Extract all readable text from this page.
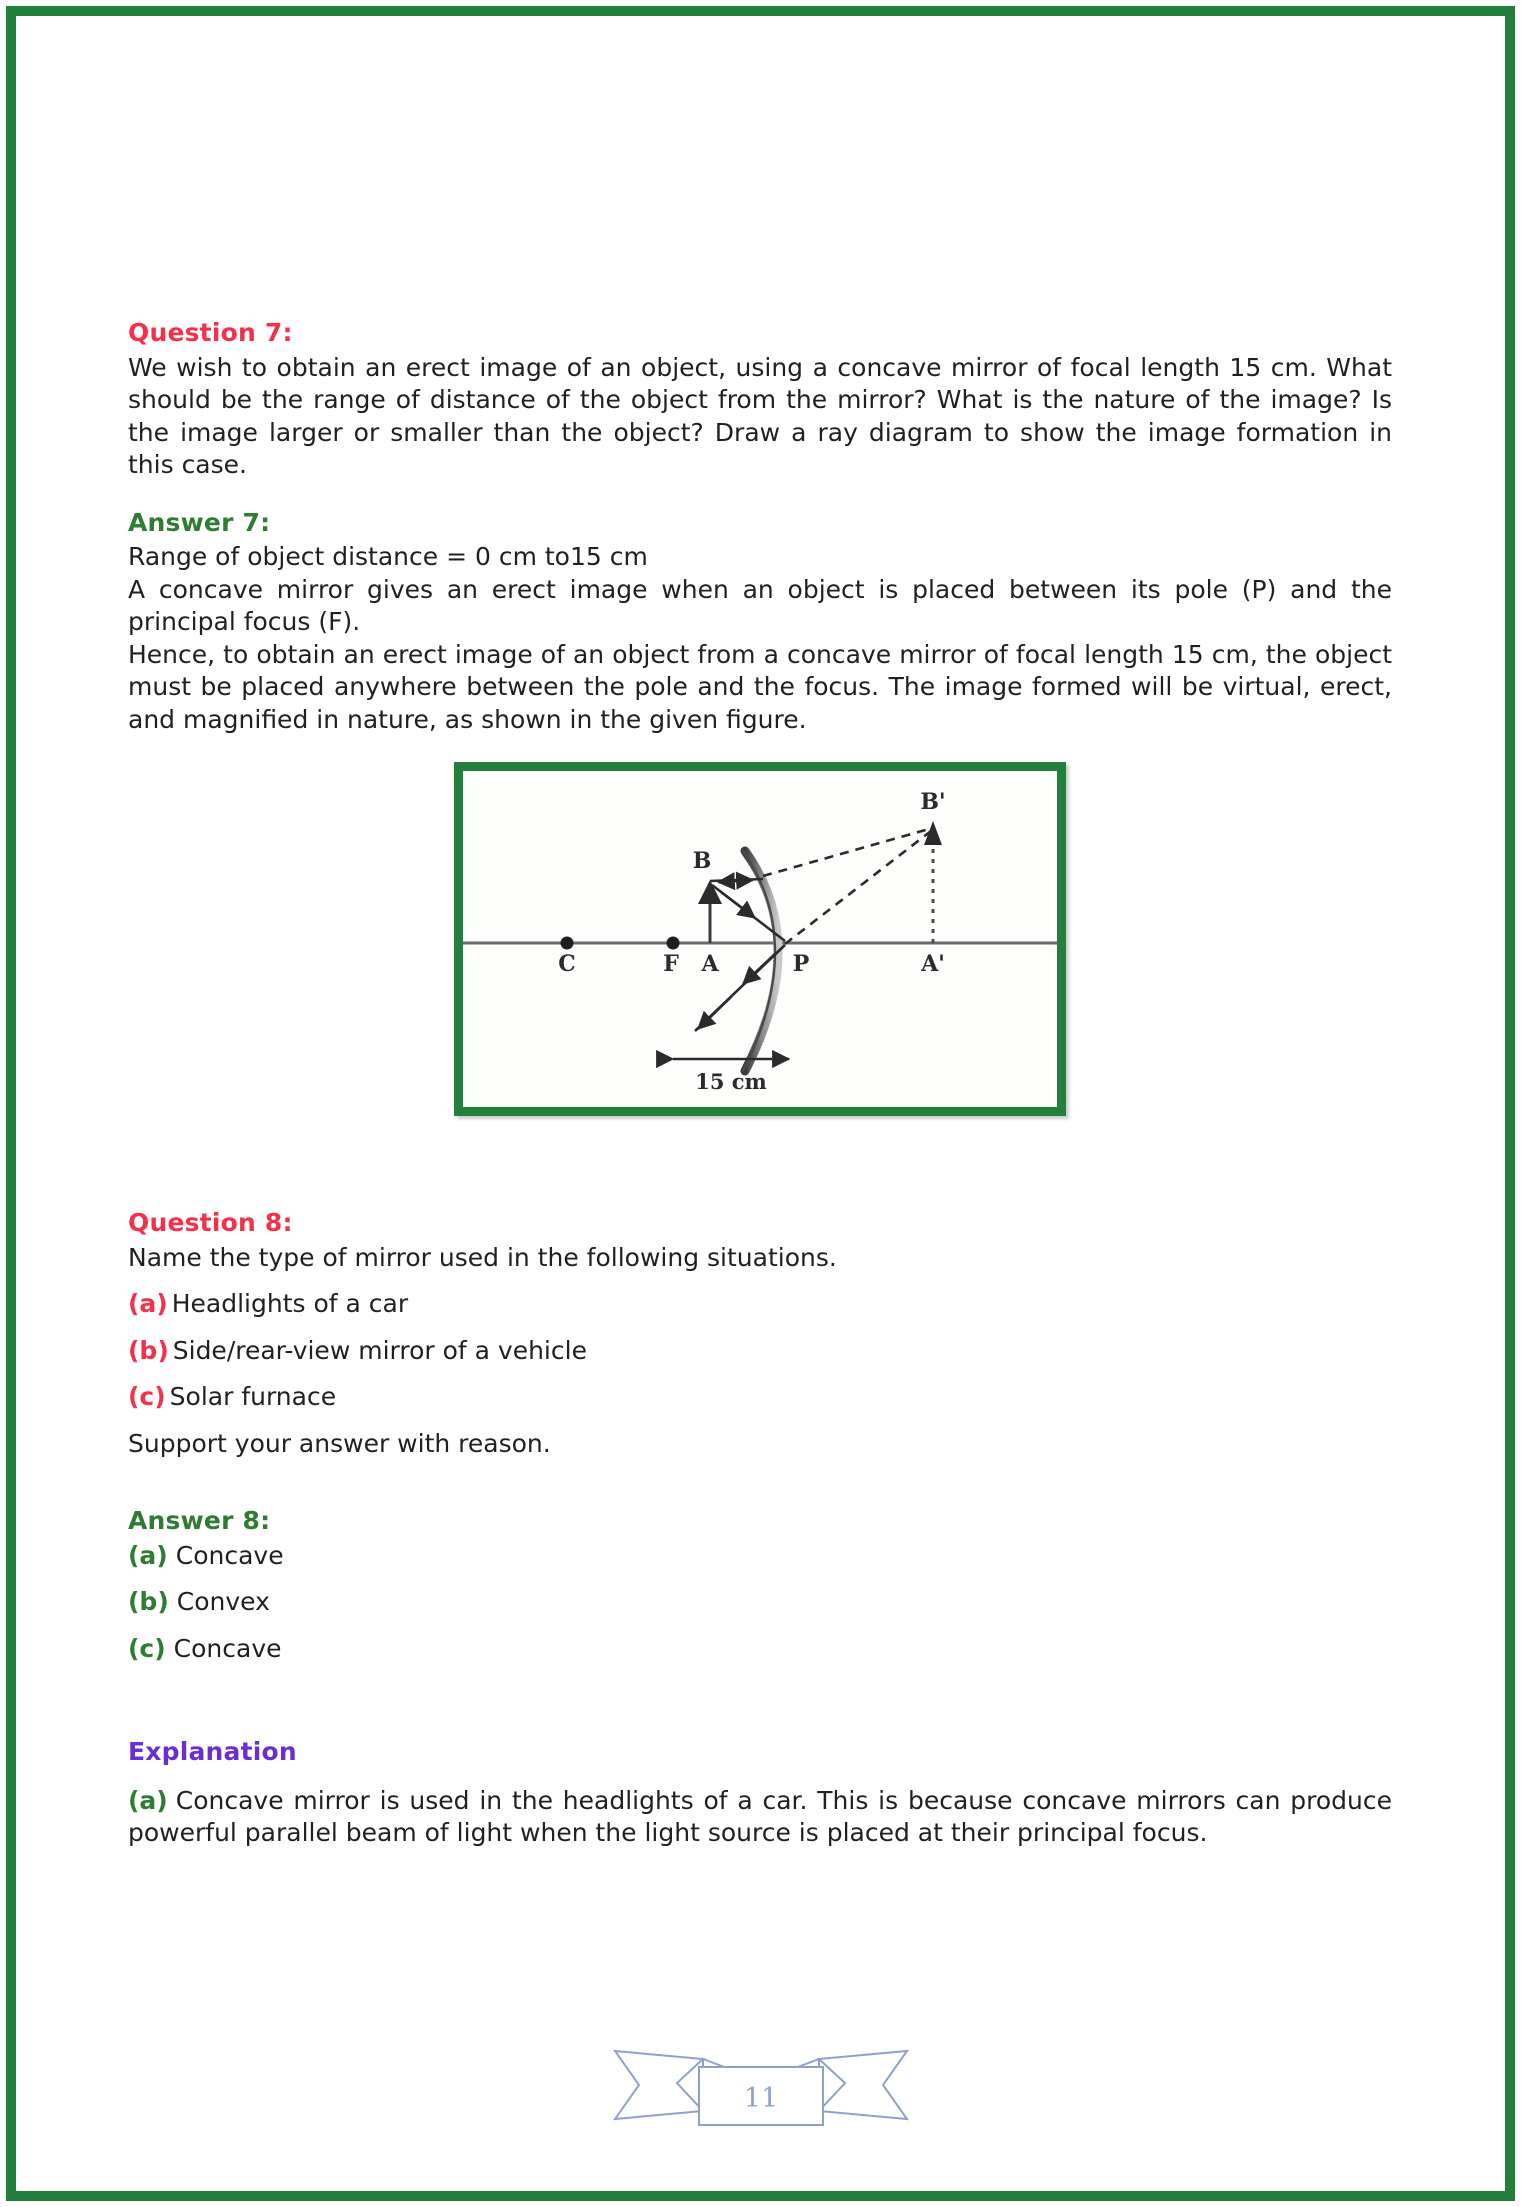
Question 7:

We wish to obtain an erect image of an object, using a concave mirror of focal length 15 cm. What should be the range of distance of the object from the mirror? What is the nature of the image? Is the image larger or smaller than the object? Draw a ray diagram to show the image formation in this case.

Answer 7:

Range of object distance = 0 cm to15 cm

A concave mirror gives an erect image when an object is placed between its pole (P) and the principal focus (F).

Hence, to obtain an erect image of an object from a concave mirror of focal length 15 cm, the object must be placed anywhere between the pole and the focus. The image formed will be virtual, erect, and magnified in nature, as shown in the given figure.

C	F A
B
B'
A'
P
15 cm
Question 8:

Name the type of mirror used in the following situations.

(a) Headlights of a car
(b) Side/rear-view mirror of a vehicle
(c) Solar furnace

Support your answer with reason.

Answer 8:
(a) Concave
(b) Convex
(c) Concave
Explanation

(a) Concave mirror is used in the headlights of a car. This is because concave mirrors can produce powerful parallel beam of light when the light source is placed at their principal focus.

11
